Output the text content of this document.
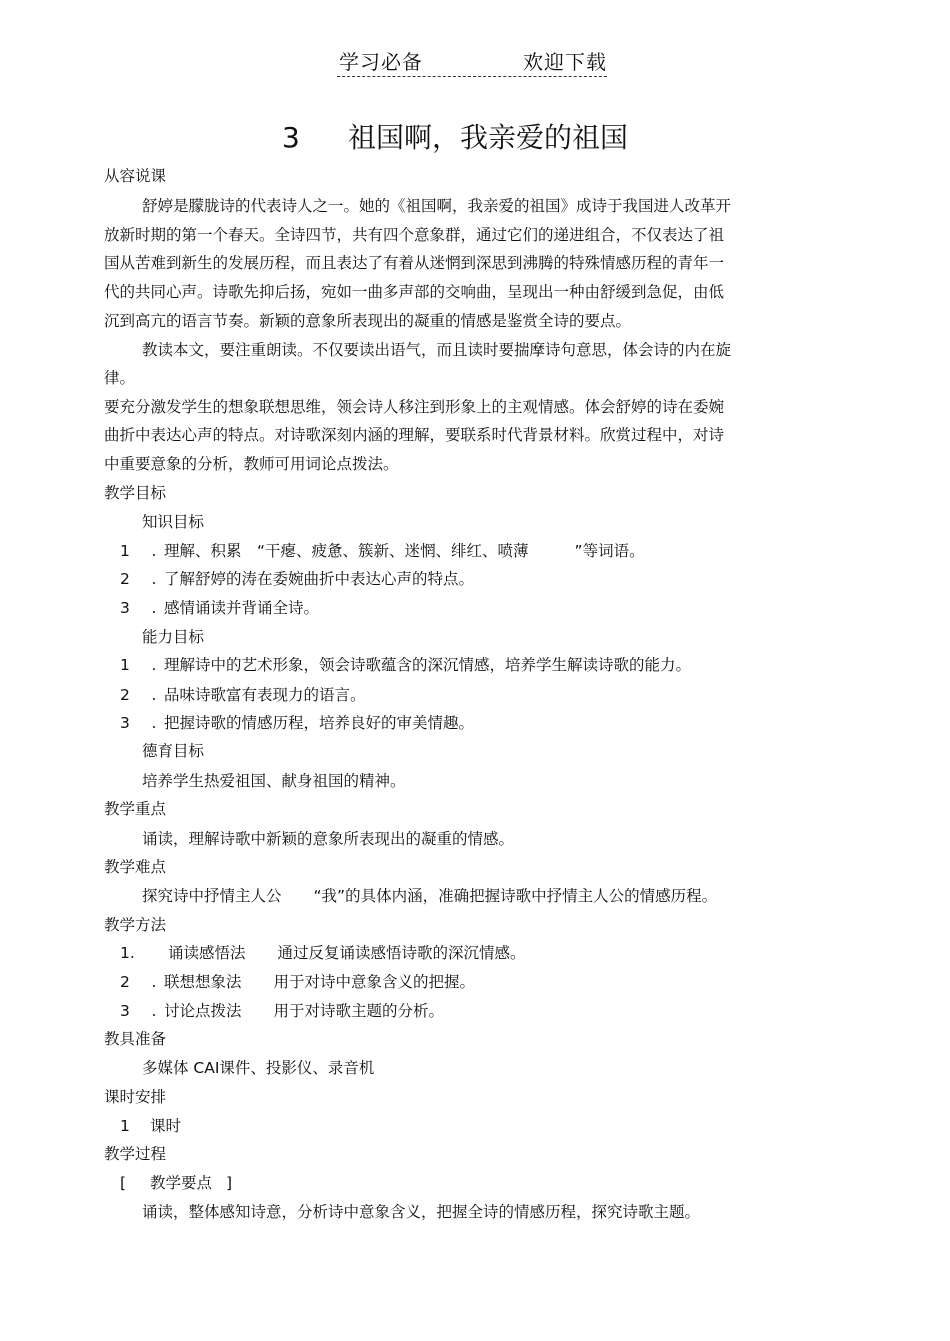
学习必备	欢迎下载
3 祖国啊，我亲爱的祖国
从容说课
舒婷是朦胧诗的代表诗人之一。她的《祖国啊，我亲爱的祖国》成诗于我国进人改革开
放新时期的第一个春天。全诗四节，共有四个意象群，通过它们的递进组合，不仅表达了祖
国从苦难到新生的发展历程，而且表达了有着从迷惘到深思到沸腾的特殊情感历程的青年一
代的共同心声。诗歌先抑后扬，宛如一曲多声部的交响曲，呈现出一种由舒缓到急促，由低
沉到高亢的语言节奏。新颖的意象所表现出的凝重的情感是鉴赏全诗的要点。
教读本文，要注重朗读。不仅要读出语气，而且读时要揣摩诗句意思，体会诗的内在旋
律。
要充分激发学生的想象联想思维，领会诗人移注到形象上的主观情感。体会舒婷的诗在委婉
曲折中表达心声的特点。对诗歌深刻内涵的理解，要联系时代背景材料。欣赏过程中，对诗
中重要意象的分析，教师可用词论点拨法。
教学目标
知识目标
1 . 理解、积累　“干瘪、疲惫、簇新、迷惘、绯红、喷薄	”等词语。
2 . 了解舒婷的涛在委婉曲折中表达心声的特点。
3 . 感情诵读并背诵全诗。
能力目标
1 . 理解诗中的艺术形象，领会诗歌蕴含的深沉情感，培养学生解读诗歌的能力。
2 . 品味诗歌富有表现力的语言。
3 . 把握诗歌的情感历程，培养良好的审美情趣。
德育目标
培养学生热爱祖国、献身祖国的精神。
教学重点
诵读，理解诗歌中新颖的意象所表现出的凝重的情感。
教学难点
探究诗中抒情主人公 “我”的具体内涵，准确把握诗歌中抒情主人公的情感历程。
教学方法
1. 诵读感悟法 通过反复诵读感悟诗歌的深沉情感。
2 . 联想想象法 用于对诗中意象含义的把握。
3 . 讨论点拨法 用于对诗歌主题的分析。
教具准备
多媒体 CAI课件、投影仪、录音机
课时安排
1 课时
教学过程
[ 教学要点 ]
诵读，整体感知诗意，分析诗中意象含义，把握全诗的情感历程，探究诗歌主题。
